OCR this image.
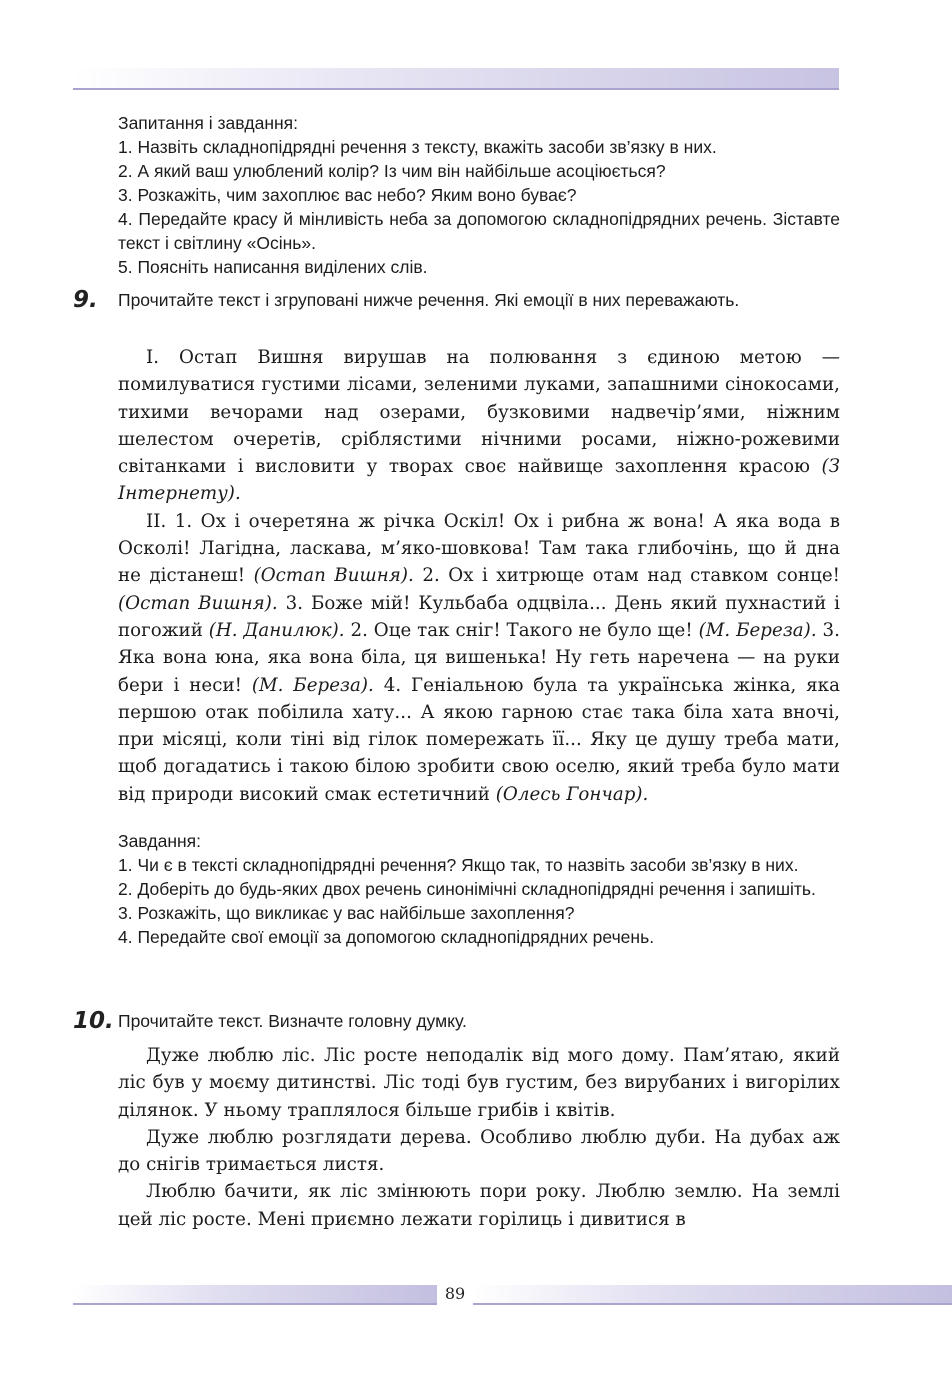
Запитання і завдання:

1. Назвіть складнопідрядні речення з тексту, вкажіть засоби зв’язку в них.

2. А який ваш улюблений колір? Із чим він найбільше асоціюється?

3. Розкажіть, чим захоплює вас небо? Яким воно буває?

4. Передайте красу й мінливість неба за допомогою складнопідрядних речень. Зіставте текст і світлину «Осінь».

5. Поясніть написання виділених слів.

9. Прочитайте текст і згруповані нижче речення. Які емоції в них переважають.

І. Остап Вишня вирушав на полювання з єдиною метою — помилуватися густими лісами, зеленими луками, запашними сінокосами, тихими вечорами над озерами, бузковими надвечір’ями, ніжним шелестом очеретів, сріблястими нічними росами, ніжно-рожевими світанками і висловити у творах своє найвище захоплення красою (З Інтернету).

ІІ. 1. Ох і очеретяна ж річка Оскіл! Ох і рибна ж вона! А яка вода в Осколі! Лагідна, ласкава, м’яко-шовкова! Там така глибочінь, що й дна не дістанеш! (Остап Вишня). 2. Ох і хитрюще отам над ставком сонце! (Остап Вишня). 3. Боже мій! Кульбаба одцвіла... День який пухнастий і погожий (Н. Данилюк). 2. Оце так сніг! Такого не було ще! (М. Береза). 3. Яка вона юна, яка вона біла, ця вишенька! Ну геть наречена — на руки бери і неси! (М. Береза). 4. Геніальною була та українська жінка, яка першою отак побілила хату... А якою гарною стає така біла хата вночі, при місяці, коли тіні від гілок помережать її... Яку це душу треба мати, щоб догадатись і такою білою зробити свою оселю, який треба було мати від природи високий смак естетичний (Олесь Гончар).

Завдання:

1. Чи є в тексті складнопідрядні речення? Якщо так, то назвіть засоби зв’язку в них.

2. Доберіть до будь-яких двох речень синонімічні складнопідрядні речення і запишіть.

3. Розкажіть, що викликає у вас найбільше захоплення?

4. Передайте свої емоції за допомогою складнопідрядних речень.

10. Прочитайте текст. Визначте головну думку.

Дуже люблю ліс. Ліс росте неподалік від мого дому. Пам’ятаю, який ліс був у моєму дитинстві. Ліс тоді був густим, без вирубаних і вигорілих ділянок. У ньому траплялося більше грибів і квітів.

Дуже люблю розглядати дерева. Особливо люблю дуби. На дубах аж до снігів тримається листя.

Люблю бачити, як ліс змінюють пори року. Люблю землю. На землі цей ліс росте. Мені приємно лежати горілиць і дивитися в

89
